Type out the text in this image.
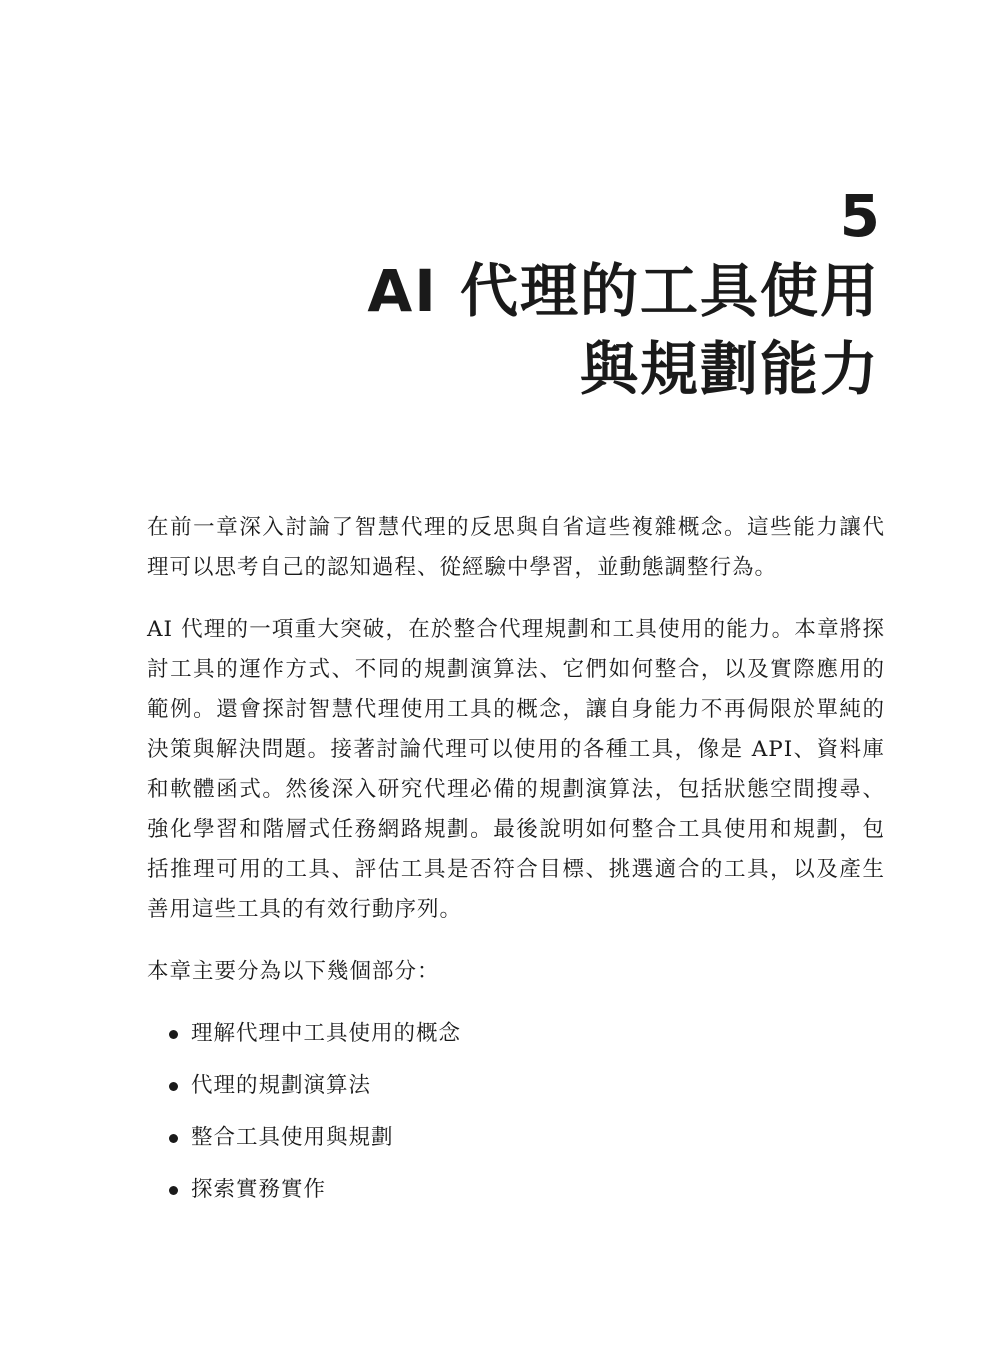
5
AI 代理的工具使用
與規劃能力

在前一章深入討論了智慧代理的反思與自省這些複雜概念。這些能力讓代理可以思考自己的認知過程、從經驗中學習，並動態調整行為。

AI 代理的一項重大突破，在於整合代理規劃和工具使用的能力。本章將探討工具的運作方式、不同的規劃演算法、它們如何整合，以及實際應用的範例。還會探討智慧代理使用工具的概念，讓自身能力不再侷限於單純的決策與解決問題。接著討論代理可以使用的各種工具，像是 API、資料庫和軟體函式。然後深入研究代理必備的規劃演算法，包括狀態空間搜尋、強化學習和階層式任務網路規劃。最後說明如何整合工具使用和規劃，包括推理可用的工具、評估工具是否符合目標、挑選適合的工具，以及產生善用這些工具的有效行動序列。

本章主要分為以下幾個部分：

理解代理中工具使用的概念
代理的規劃演算法
整合工具使用與規劃
探索實務實作
